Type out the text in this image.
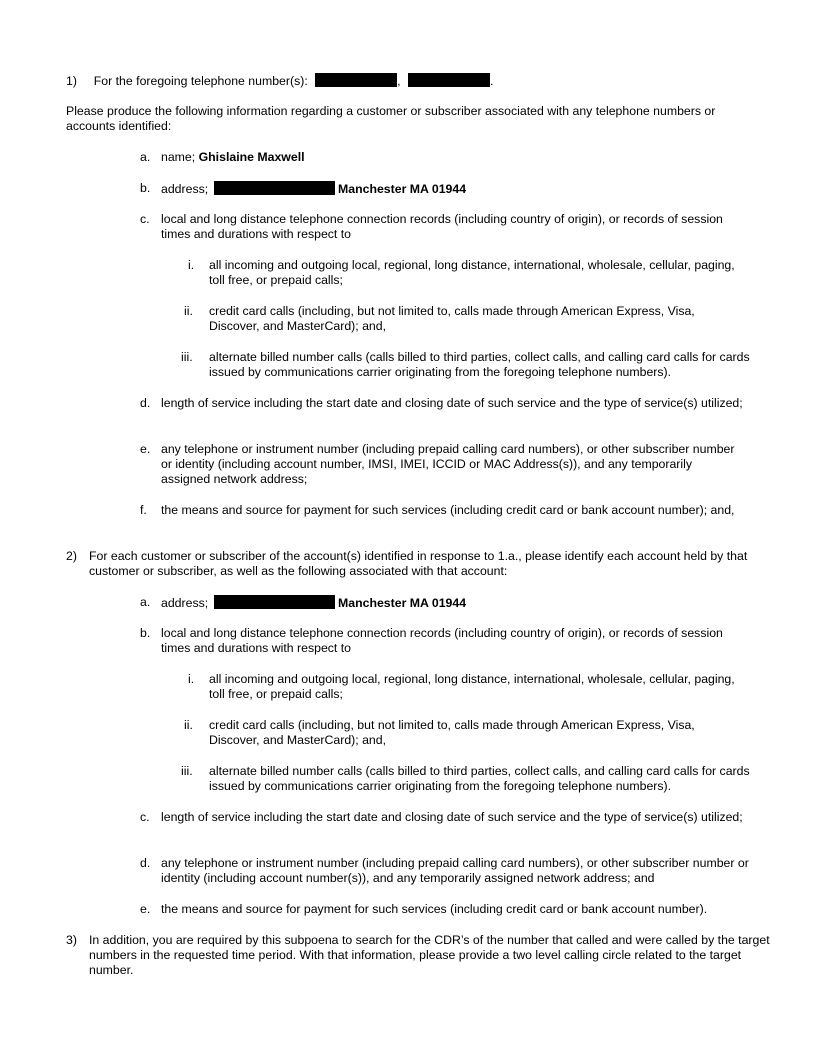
1) For the foregoing telephone number(s):	,	.
Please produce the following information regarding a customer or subscriber associated with any telephone numbers or accounts identified:
a. name; Ghislaine Maxwell
b. address;	Manchester MA 01944
c. local and long distance telephone connection records (including country of origin), or records of session times and durations with respect to
i. all incoming and outgoing local, regional, long distance, international, wholesale, cellular, paging, toll free, or prepaid calls;
ii. credit card calls (including, but not limited to, calls made through American Express, Visa, Discover, and MasterCard); and,
iii. alternate billed number calls (calls billed to third parties, collect calls, and calling card calls for cards issued by communications carrier originating from the foregoing telephone numbers).
d. length of service including the start date and closing date of such service and the type of service(s) utilized;
e. any telephone or instrument number (including prepaid calling card numbers), or other subscriber number or identity (including account number, IMSI, IMEI, ICCID or MAC Address(s)), and any temporarily assigned network address;
f. the means and source for payment for such services (including credit card or bank account number); and,
2) For each customer or subscriber of the account(s) identified in response to 1.a., please identify each account held by that customer or subscriber, as well as the following associated with that account:
a. address;	Manchester MA 01944
b. local and long distance telephone connection records (including country of origin), or records of session times and durations with respect to
i. all incoming and outgoing local, regional, long distance, international, wholesale, cellular, paging, toll free, or prepaid calls;
ii. credit card calls (including, but not limited to, calls made through American Express, Visa, Discover, and MasterCard); and,
iii. alternate billed number calls (calls billed to third parties, collect calls, and calling card calls for cards issued by communications carrier originating from the foregoing telephone numbers).
c. length of service including the start date and closing date of such service and the type of service(s) utilized;
d. any telephone or instrument number (including prepaid calling card numbers), or other subscriber number or identity (including account number(s)), and any temporarily assigned network address; and
e. the means and source for payment for such services (including credit card or bank account number).
3) In addition, you are required by this subpoena to search for the CDR’s of the number that called and were called by the target numbers in the requested time period. With that information, please provide a two level calling circle related to the target number.
